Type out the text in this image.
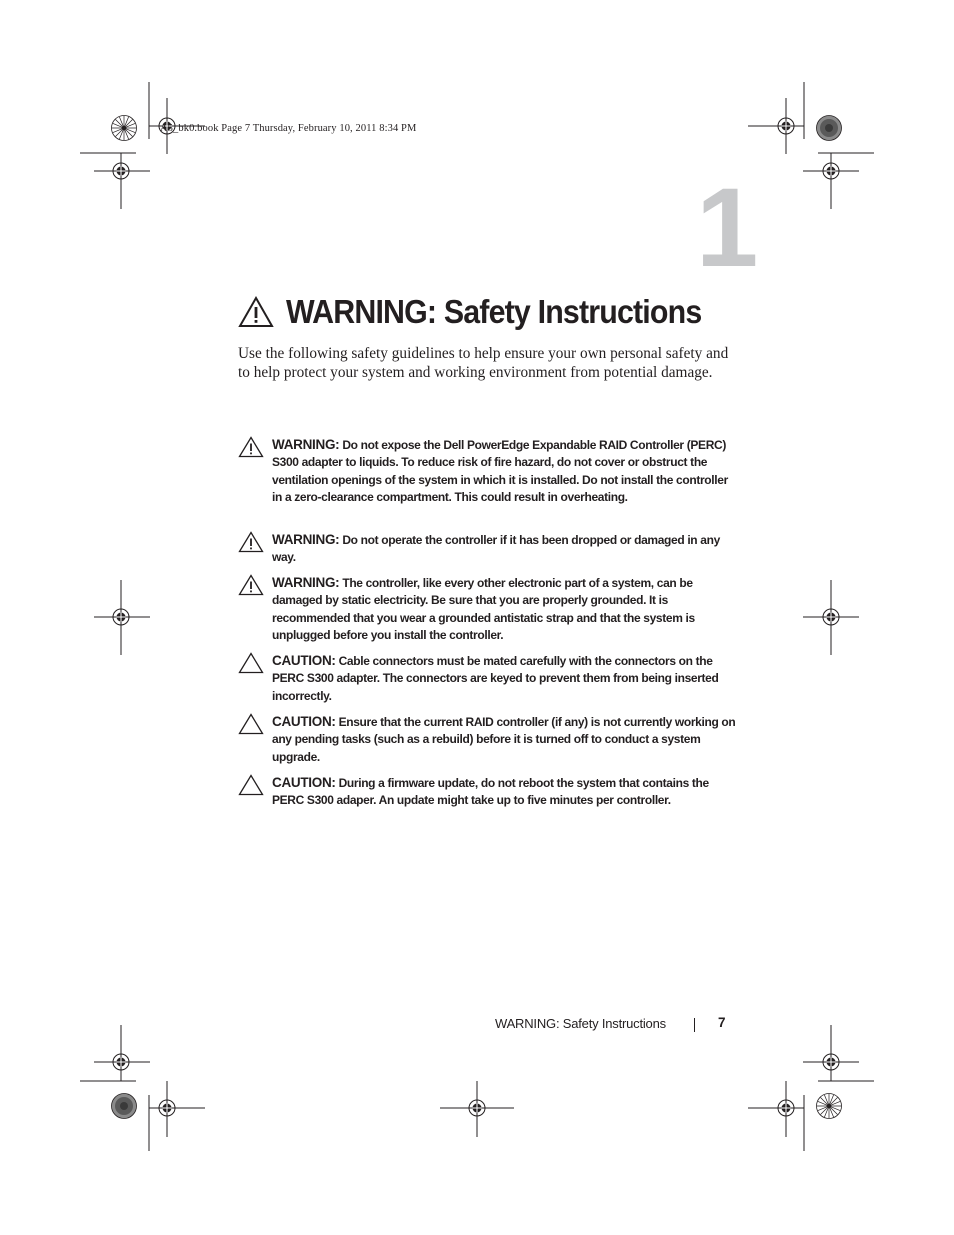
A5_bk0.book Page 7 Thursday, February 10, 2011 8:34 PM
1
WARNING: Safety Instructions
Use the following safety guidelines to help ensure your own personal safety and to help protect your system and working environment from potential damage.
WARNING: Do not expose the Dell PowerEdge Expandable RAID Controller (PERC) S300 adapter to liquids. To reduce risk of fire hazard, do not cover or obstruct the ventilation openings of the system in which it is installed. Do not install the controller in a zero-clearance compartment. This could result in overheating.
WARNING: Do not operate the controller if it has been dropped or damaged in any way.
WARNING: The controller, like every other electronic part of a system, can be damaged by static electricity. Be sure that you are properly grounded. It is recommended that you wear a grounded antistatic strap and that the system is unplugged before you install the controller.
CAUTION: Cable connectors must be mated carefully with the connectors on the PERC S300 adapter. The connectors are keyed to prevent them from being inserted incorrectly.
CAUTION: Ensure that the current RAID controller (if any) is not currently working on any pending tasks (such as a rebuild) before it is turned off to conduct a system upgrade.
CAUTION: During a firmware update, do not reboot the system that contains the PERC S300 adaper. An update might take up to five minutes per controller.
WARNING: Safety Instructions	7
